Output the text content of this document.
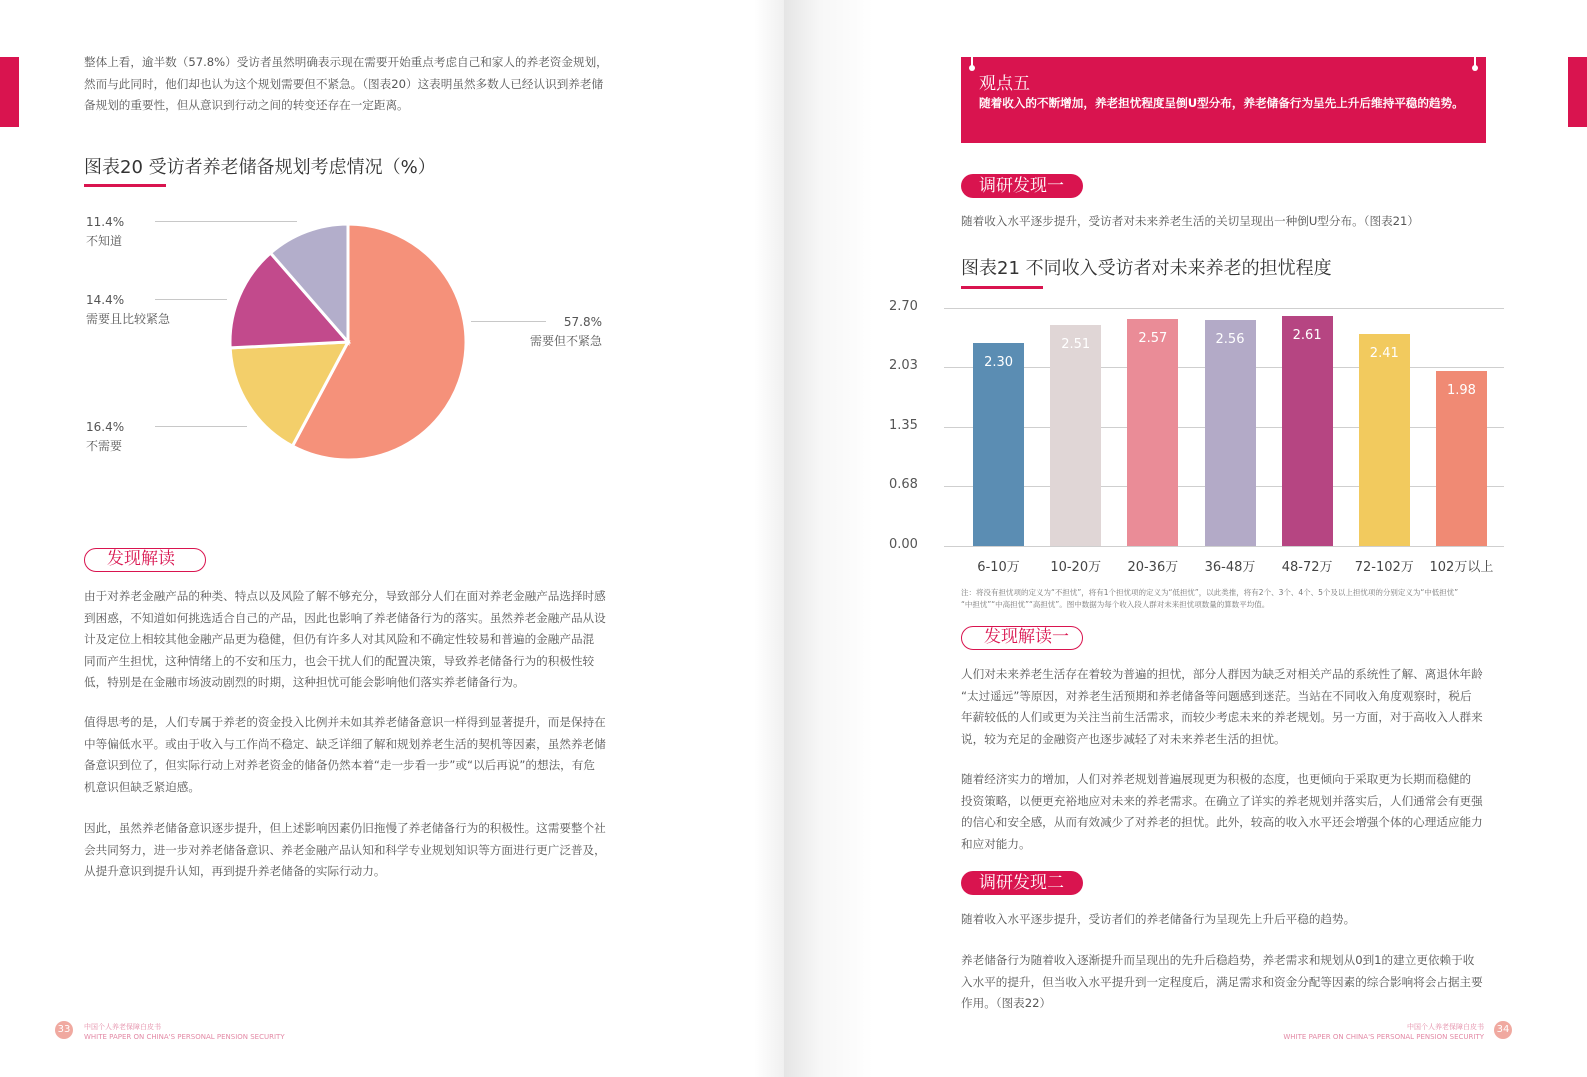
整体上看，逾半数（57.8%）受访者虽然明确表示现在需要开始重点考虑自己和家人的养老资金规划，
然而与此同时，他们却也认为这个规划需要但不紧急。（图表20）这表明虽然多数人已经认识到养老储
备规划的重要性，但从意识到行动之间的转变还存在一定距离。
图表20 受访者养老储备规划考虑情况（%）
11.4%
不知道
14.4%
需要且比较紧急
16.4%
不需要
57.8%
需要但不紧急
发现解读
由于对养老金融产品的种类、特点以及风险了解不够充分，导致部分人们在面对养老金融产品选择时感
到困惑，不知道如何挑选适合自己的产品，因此也影响了养老储备行为的落实。虽然养老金融产品从设
计及定位上相较其他金融产品更为稳健，但仍有许多人对其风险和不确定性较易和普遍的金融产品混
同而产生担忧，这种情绪上的不安和压力，也会干扰人们的配置决策，导致养老储备行为的积极性较
低，特别是在金融市场波动剧烈的时期，这种担忧可能会影响他们落实养老储备行为。
值得思考的是，人们专属于养老的资金投入比例并未如其养老储备意识一样得到显著提升，而是保持在
中等偏低水平。或由于收入与工作尚不稳定、缺乏详细了解和规划养老生活的契机等因素，虽然养老储
备意识到位了，但实际行动上对养老资金的储备仍然本着“走一步看一步”或“以后再说”的想法，有危
机意识但缺乏紧迫感。
因此，虽然养老储备意识逐步提升，但上述影响因素仍旧拖慢了养老储备行为的积极性。这需要整个社
会共同努力，进一步对养老储备意识、养老金融产品认知和科学专业规划知识等方面进行更广泛普及，
从提升意识到提升认知，再到提升养老储备的实际行动力。
33	中国个人养老保障白皮书
WHITE PAPER ON CHINA'S PERSONAL PENSION SECURITY
观点五
随着收入的不断增加，养老担忧程度呈倒U型分布，养老储备行为呈先上升后维持平稳的趋势。
调研发现一
随着收入水平逐步提升，受访者对未来养老生活的关切呈现出一种倒U型分布。（图表21）
图表21 不同收入受访者对未来养老的担忧程度
0.00
0.68
1.35
2.03
2.70
2.30
6-10万
2.51
10-20万
2.57
20-36万
2.56
36-48万
2.61
48-72万
2.41
72-102万
1.98
102万以上
注：将没有担忧项的定义为“不担忧”，将有1个担忧项的定义为“低担忧”，以此类推，将有2个、3个、4个、5个及以上担忧项的分别定义为“中低担忧”
“中担忧”“中高担忧”“高担忧”。图中数据为每个收入段人群对未来担忧项数量的算数平均值。
发现解读一
人们对未来养老生活存在着较为普遍的担忧，部分人群因为缺乏对相关产品的系统性了解、离退休年龄
“太过遥远”等原因，对养老生活预期和养老储备等问题感到迷茫。当站在不同收入角度观察时，税后
年薪较低的人们或更为关注当前生活需求，而较少考虑未来的养老规划。另一方面，对于高收入人群来
说，较为充足的金融资产也逐步减轻了对未来养老生活的担忧。
随着经济实力的增加，人们对养老规划普遍展现更为积极的态度，也更倾向于采取更为长期而稳健的
投资策略，以便更充裕地应对未来的养老需求。在确立了详实的养老规划并落实后，人们通常会有更强
的信心和安全感，从而有效减少了对养老的担忧。此外，较高的收入水平还会增强个体的心理适应能力
和应对能力。
调研发现二
随着收入水平逐步提升，受访者们的养老储备行为呈现先上升后平稳的趋势。
养老储备行为随着收入逐渐提升而呈现出的先升后稳趋势，养老需求和规划从0到1的建立更依赖于收
入水平的提升，但当收入水平提升到一定程度后，满足需求和资金分配等因素的综合影响将会占据主要
作用。（图表22）
中国个人养老保障白皮书
WHITE PAPER ON CHINA'S PERSONAL PENSION SECURITY
34
